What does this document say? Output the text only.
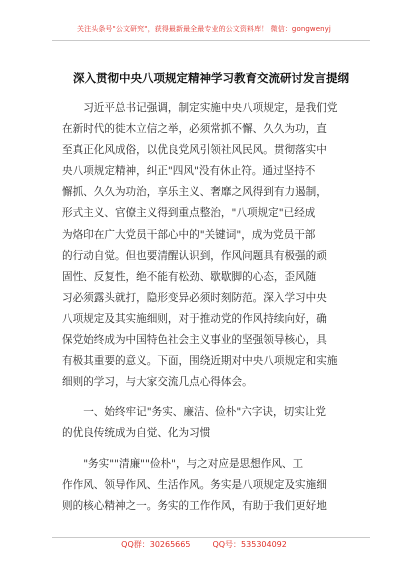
关注头条号"公文研究"，获得最新最全最专业的公文资料库！ 微信：gongwenyj
深入贯彻中央八项规定精神学习教育交流研讨发言提纲
习近平总书记强调，制定实施中央八项规定，是我们党
在新时代的徙木立信之举，必须常抓不懈、久久为功，直
至真正化风成俗，以优良党风引领社风民风。贯彻落实中
央八项规定精神，纠正"四风"没有休止符。通过坚持不
懈抓、久久为功治，享乐主义、奢靡之风得到有力遏制，
形式主义、官僚主义得到重点整治，"八项规定"已经成
为烙印在广大党员干部心中的"关键词"，成为党员干部
的行动自觉。但也要清醒认识到，作风问题具有极强的顽
固性、反复性，绝不能有松劲、歇歇脚的心态，歪风随
习必须露头就打，隐形变异必须时刻防范。深入学习中央
八项规定及其实施细则，对于推动党的作风持续向好，确
保党始终成为中国特色社会主义事业的坚强领导核心，具
有极其重要的意义。下面，围绕近期对中央八项规定和实施
细则的学习，与大家交流几点心得体会。
一、始终牢记"务实、廉洁、俭朴"六字诀，切实让党
的优良传统成为自觉、化为习惯
"务实""清廉""俭朴"，与之对应是思想作风、工
作作风、领导作风、生活作风。务实是八项规定及实施细
则的核心精神之一。务实的工作作风，有助于我们更好地
QQ群：30265665	QQ号：535304092
